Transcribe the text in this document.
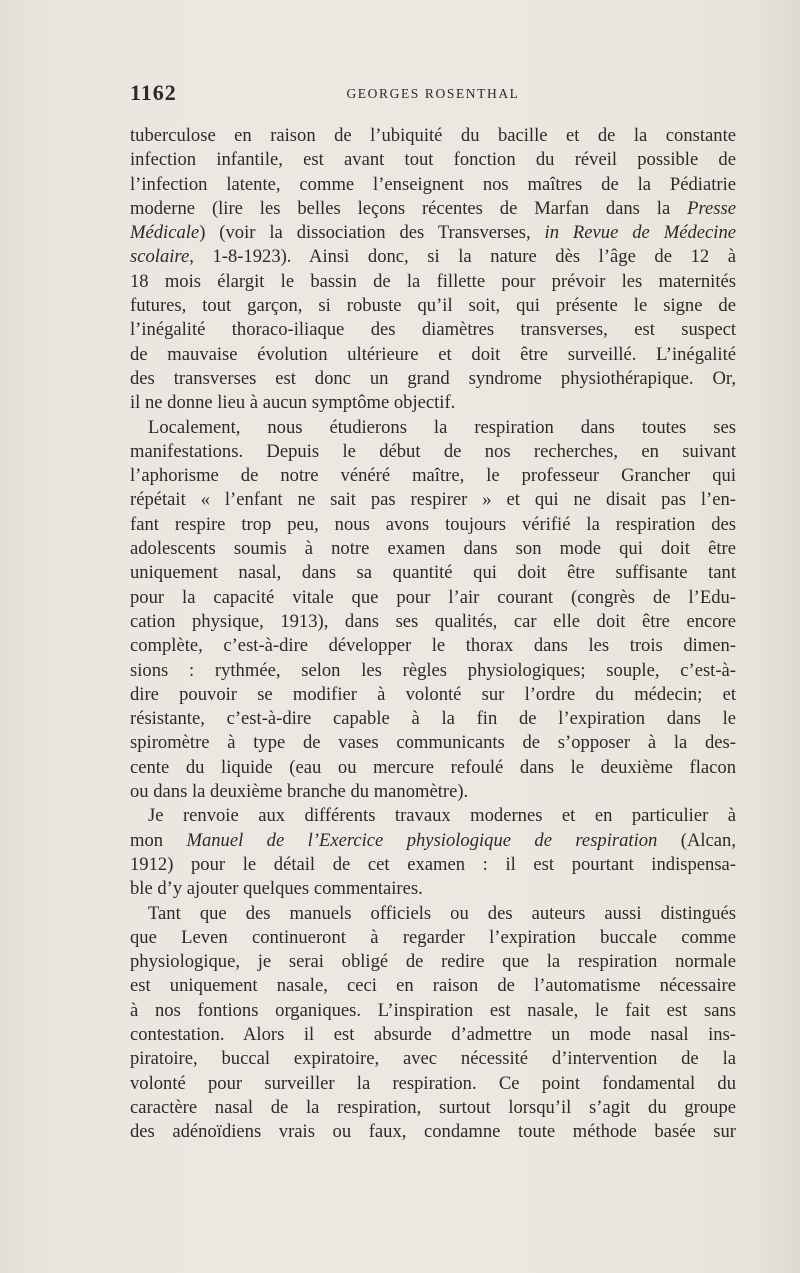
1162	GEORGES ROSENTHAL
tuberculose en raison de l’ubiquité du bacille et de la constante
infection infantile, est avant tout fonction du réveil possible de
l’infection latente, comme l’enseignent nos maîtres de la Pédiatrie
moderne (lire les belles leçons récentes de Marfan dans la Presse
Médicale) (voir la dissociation des Transverses, in Revue de Médecine
scolaire, 1-8-1923). Ainsi donc, si la nature dès l’âge de 12 à
18 mois élargit le bassin de la fillette pour prévoir les maternités
futures, tout garçon, si robuste qu’il soit, qui présente le signe de
l’inégalité thoraco-iliaque des diamètres transverses, est suspect
de mauvaise évolution ultérieure et doit être surveillé. L’inégalité
des transverses est donc un grand syndrome physiothérapique. Or,
il ne donne lieu à aucun symptôme objectif.
Localement, nous étudierons la respiration dans toutes ses
manifestations. Depuis le début de nos recherches, en suivant
l’aphorisme de notre vénéré maître, le professeur Grancher qui
répétait « l’enfant ne sait pas respirer » et qui ne disait pas l’en-
fant respire trop peu, nous avons toujours vérifié la respiration des
adolescents soumis à notre examen dans son mode qui doit être
uniquement nasal, dans sa quantité qui doit être suffisante tant
pour la capacité vitale que pour l’air courant (congrès de l’Edu-
cation physique, 1913), dans ses qualités, car elle doit être encore
complète, c’est-à-dire développer le thorax dans les trois dimen-
sions : rythmée, selon les règles physiologiques; souple, c’est-à-
dire pouvoir se modifier à volonté sur l’ordre du médecin; et
résistante, c’est-à-dire capable à la fin de l’expiration dans le
spiromètre à type de vases communicants de s’opposer à la des-
cente du liquide (eau ou mercure refoulé dans le deuxième flacon
ou dans la deuxième branche du manomètre).
Je renvoie aux différents travaux modernes et en particulier à
mon Manuel de l’Exercice physiologique de respiration (Alcan,
1912) pour le détail de cet examen : il est pourtant indispensa-
ble d’y ajouter quelques commentaires.
Tant que des manuels officiels ou des auteurs aussi distingués
que Leven continueront à regarder l’expiration buccale comme
physiologique, je serai obligé de redire que la respiration normale
est uniquement nasale, ceci en raison de l’automatisme nécessaire
à nos fontions organiques. L’inspiration est nasale, le fait est sans
contestation. Alors il est absurde d’admettre un mode nasal ins-
piratoire, buccal expiratoire, avec nécessité d’intervention de la
volonté pour surveiller la respiration. Ce point fondamental du
caractère nasal de la respiration, surtout lorsqu’il s’agit du groupe
des adénoïdiens vrais ou faux, condamne toute méthode basée sur
